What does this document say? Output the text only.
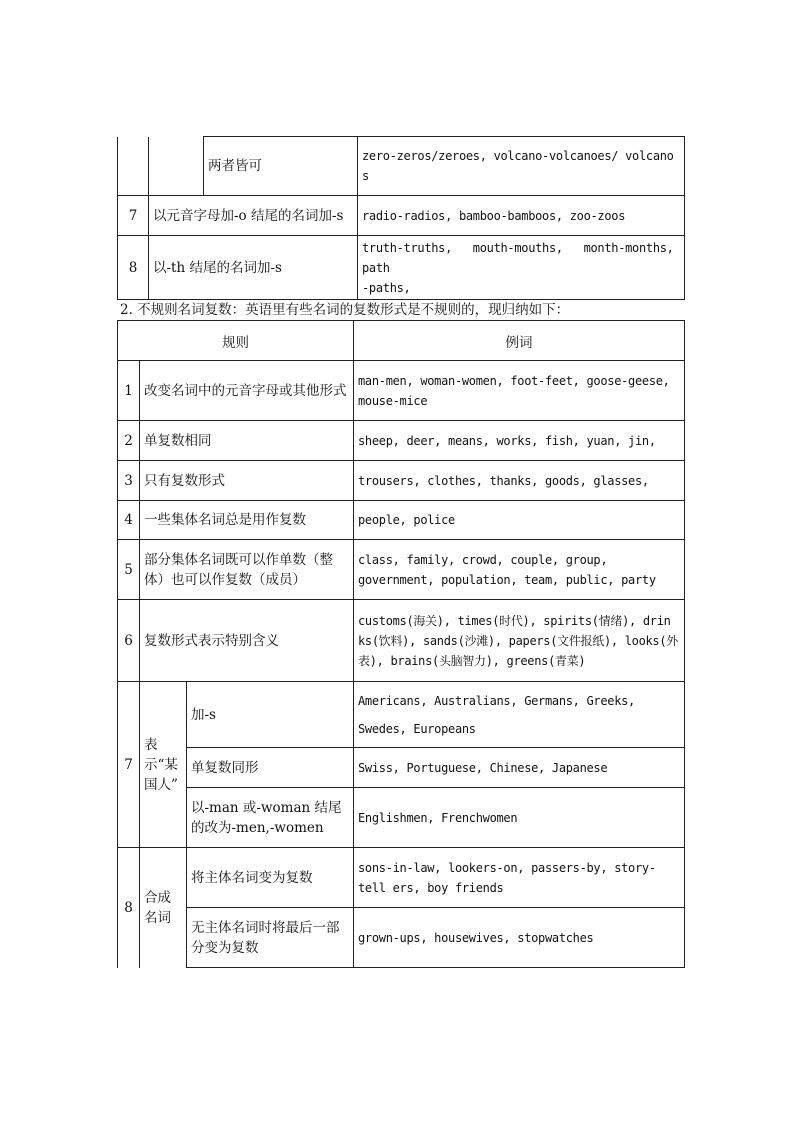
		两者皆可	zero-zeros/zeroes, volcano-volcanoes/ volcano
s

7	以元音字母加-o 结尾的名词加-s		radio-radios, bamboo-bamboos, zoo-zoos
8	以-th 结尾的名词加-s		truth-truths,   mouth-mouths,   month-months,
path
-paths,
2. 不规则名词复数：英语里有些名词的复数形式是不规则的，现归纳如下：
规则			例词
1	改变名词中的元音字母或其他形式		man-men, woman-women, foot-feet, goose-geese, mouse-mice
2	单复数相同		sheep, deer, means, works, fish, yuan, jin,
3	只有复数形式		trousers, clothes, thanks, goods, glasses,
4	一些集体名词总是用作复数		people, police
5	部分集体名词既可以作单数（整体）也可以作复数（成员）		class, family, crowd, couple, group, government, population, team, public, party
6	复数形式表示特别含义		customs(海关), times(时代), spirits(情绪), drin ks(饮料), sands(沙滩), papers(文件报纸), looks(外表), brains(头脑智力), greens(青菜)
7	表示“某国人”	加-s	Americans, Australians, Germans, Greeks, Swedes, Europeans
		单复数同形	Swiss, Portuguese, Chinese, Japanese
		以-man 或-woman 结尾的改为-men,-women	Englishmen, Frenchwomen
8	合成名词	将主体名词变为复数	sons-in-law, lookers-on, passers-by, story-tell ers, boy friends
		无主体名词时将最后一部分变为复数	grown-ups, housewives, stopwatches
